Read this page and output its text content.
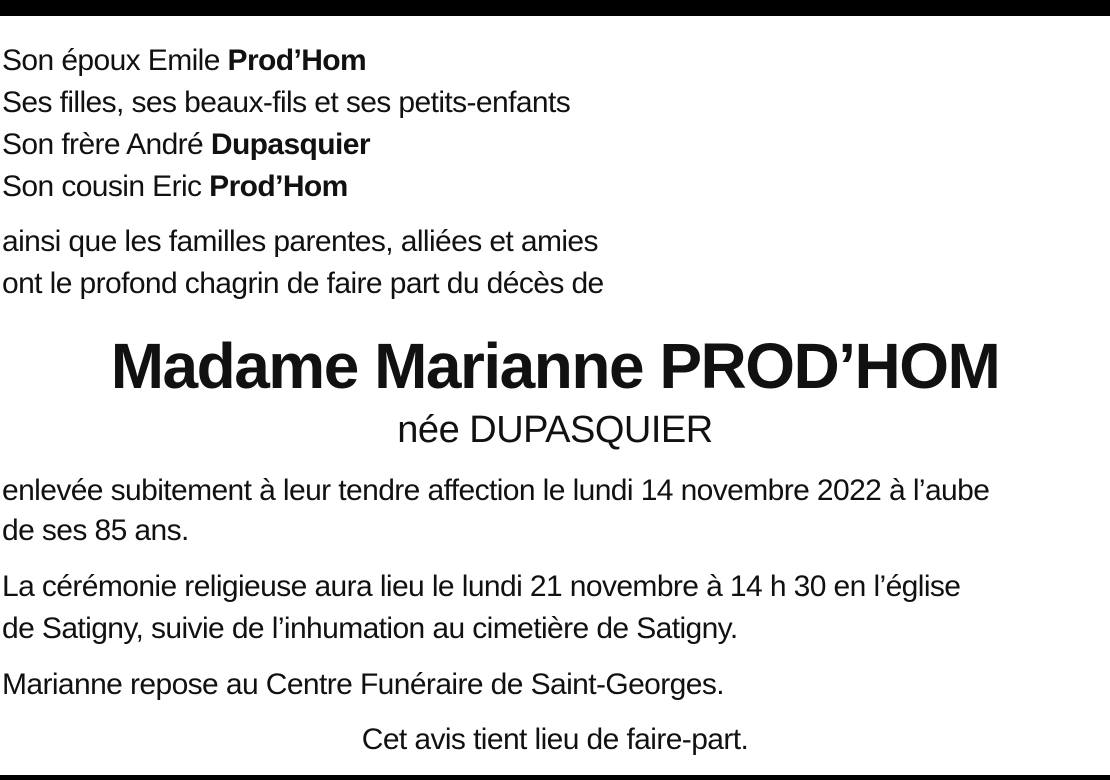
Son époux Emile Prod’Hom
Ses filles, ses beaux-fils et ses petits-enfants
Son frère André Dupasquier
Son cousin Eric Prod’Hom
ainsi que les familles parentes, alliées et amies
ont le profond chagrin de faire part du décès de
Madame Marianne PROD’HOM
née DUPASQUIER
enlevée subitement à leur tendre affection le lundi 14 novembre 2022 à l’aube
de ses 85 ans.
La cérémonie religieuse aura lieu le lundi 21 novembre à 14 h 30 en l’église
de Satigny, suivie de l’inhumation au cimetière de Satigny.
Marianne repose au Centre Funéraire de Saint-Georges.
Cet avis tient lieu de faire-part.
